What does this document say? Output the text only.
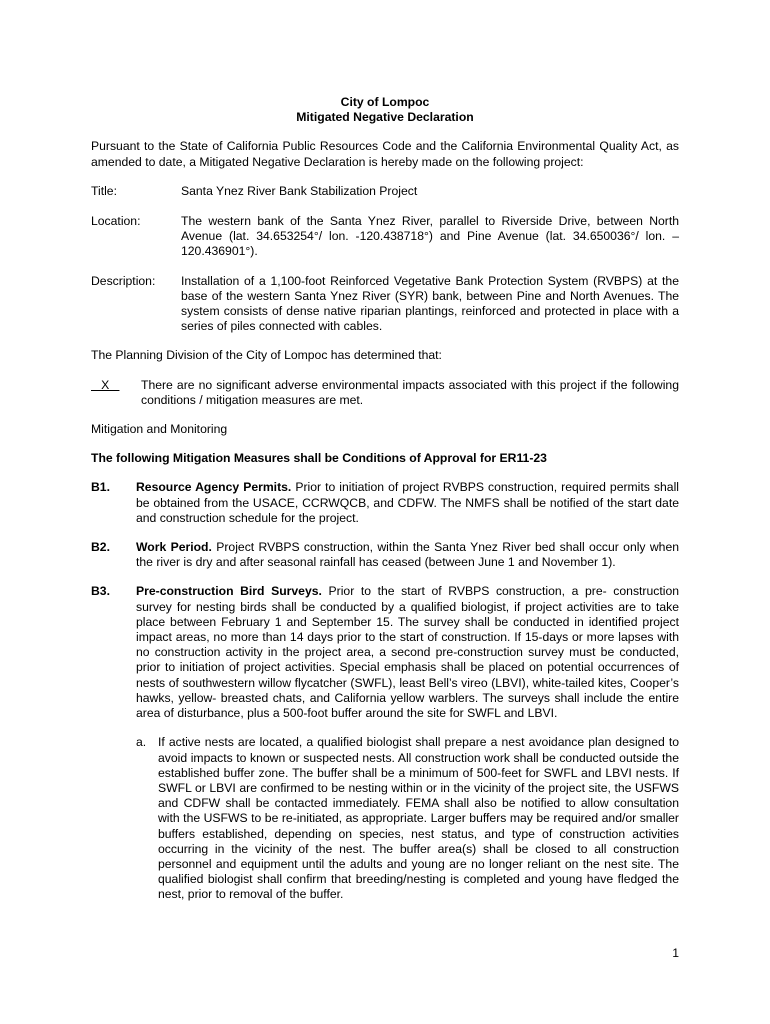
City of Lompoc
Mitigated Negative Declaration
Pursuant to the State of California Public Resources Code and the California Environmental Quality Act, as amended to date, a Mitigated Negative Declaration is hereby made on the following project:
Title:	Santa Ynez River Bank Stabilization Project
Location:	The western bank of the Santa Ynez River, parallel to Riverside Drive, between North Avenue (lat. 34.653254°/ lon. -120.438718°) and Pine Avenue (lat. 34.650036°/ lon. –120.436901°).
Description:	Installation of a 1,100-foot Reinforced Vegetative Bank Protection System (RVBPS) at the base of the western Santa Ynez River (SYR) bank, between Pine and North Avenues. The system consists of dense native riparian plantings, reinforced and protected in place with a series of piles connected with cables.
The Planning Division of the City of Lompoc has determined that:
X	There are no significant adverse environmental impacts associated with this project if the following conditions / mitigation measures are met.
Mitigation and Monitoring
The following Mitigation Measures shall be Conditions of Approval for ER11-23
B1.	Resource Agency Permits. Prior to initiation of project RVBPS construction, required permits shall be obtained from the USACE, CCRWQCB, and CDFW. The NMFS shall be notified of the start date and construction schedule for the project.
B2.	Work Period. Project RVBPS construction, within the Santa Ynez River bed shall occur only when the river is dry and after seasonal rainfall has ceased (between June 1 and November 1).
B3.	Pre-construction Bird Surveys. Prior to the start of RVBPS construction, a pre- construction survey for nesting birds shall be conducted by a qualified biologist, if project activities are to take place between February 1 and September 15. The survey shall be conducted in identified project impact areas, no more than 14 days prior to the start of construction. If 15-days or more lapses with no construction activity in the project area, a second pre-construction survey must be conducted, prior to initiation of project activities. Special emphasis shall be placed on potential occurrences of nests of southwestern willow flycatcher (SWFL), least Bell’s vireo (LBVI), white-tailed kites, Cooper’s hawks, yellow- breasted chats, and California yellow warblers. The surveys shall include the entire area of disturbance, plus a 500-foot buffer around the site for SWFL and LBVI.
a. If active nests are located, a qualified biologist shall prepare a nest avoidance plan designed to avoid impacts to known or suspected nests. All construction work shall be conducted outside the established buffer zone. The buffer shall be a minimum of 500-feet for SWFL and LBVI nests. If SWFL or LBVI are confirmed to be nesting within or in the vicinity of the project site, the USFWS and CDFW shall be contacted immediately. FEMA shall also be notified to allow consultation with the USFWS to be re-initiated, as appropriate. Larger buffers may be required and/or smaller buffers established, depending on species, nest status, and type of construction activities occurring in the vicinity of the nest. The buffer area(s) shall be closed to all construction personnel and equipment until the adults and young are no longer reliant on the nest site. The qualified biologist shall confirm that breeding/nesting is completed and young have fledged the nest, prior to removal of the buffer.
1
